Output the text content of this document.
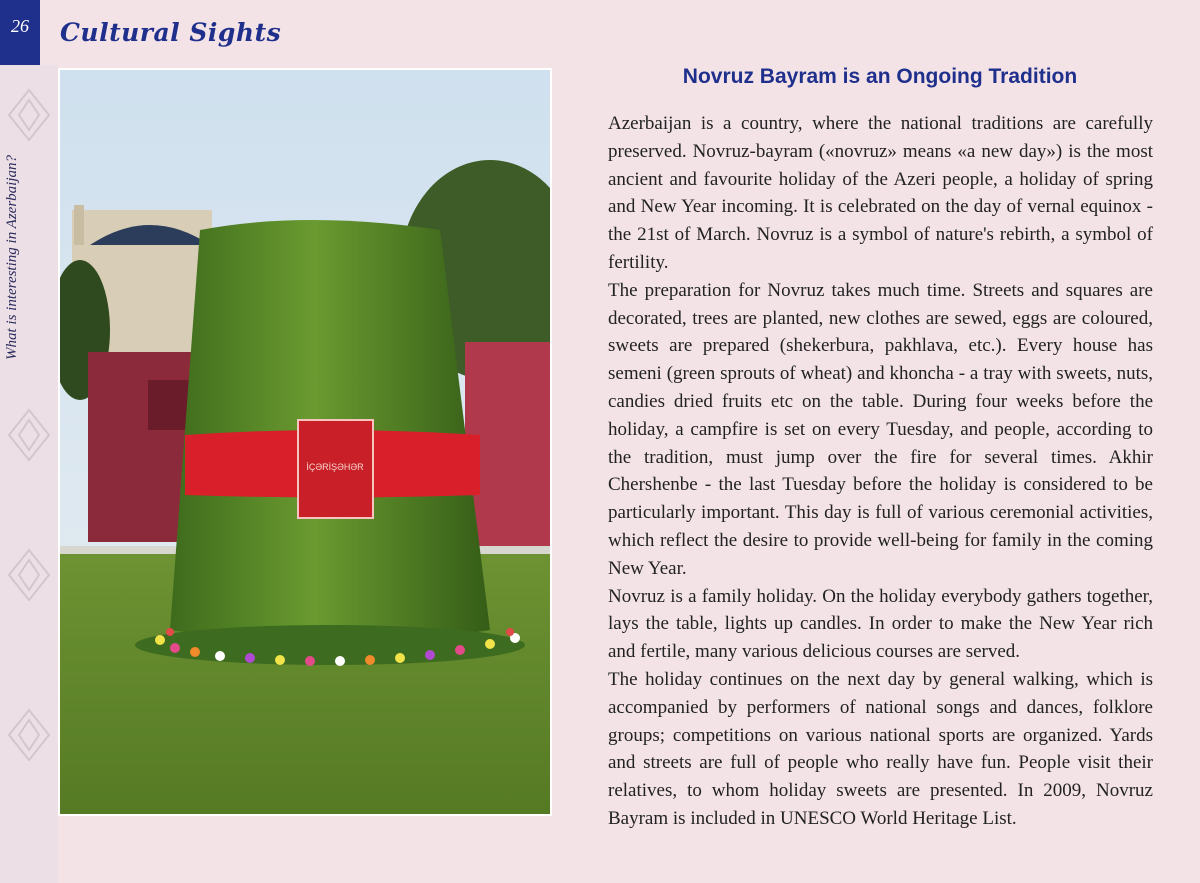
26
What is interesting in Azerbaijan?
Cultural Sights
İÇƏRİŞƏHƏR
Novruz Bayram is an Ongoing Tradition

Azerbaijan is a country, where the national traditions are carefully preserved. Novruz-bayram («novruz» means «a new day») is the most ancient and favourite holiday of the Azeri people, a holiday of spring and New Year incoming. It is celebrated on the day of vernal equinox - the 21st of March. Novruz is a symbol of nature's rebirth, a symbol of fertility.

The preparation for Novruz takes much time. Streets and squares are decorated, trees are planted, new clothes are sewed, eggs are coloured, sweets are prepared (shekerbura, pakhlava, etc.). Every house has semeni (green sprouts of wheat) and khoncha - a tray with sweets, nuts, candies dried fruits etc on the table. During four weeks before the holiday, a campfire is set on every Tuesday, and people, according to the tradition, must jump over the fire for several times. Akhir Chershenbe - the last Tuesday before the holiday is considered to be particularly important. This day is full of various ceremonial activities, which reflect the desire to provide well-being for family in the coming New Year.

Novruz is a family holiday. On the holiday everybody gathers together, lays the table, lights up candles. In order to make the New Year rich and fertile, many various delicious courses are served.

The holiday continues on the next day by general walking, which is accompanied by performers of national songs and dances, folklore groups; competitions on various national sports are organized. Yards and streets are full of people who really have fun. People visit their relatives, to whom holiday sweets are presented. In 2009, Novruz Bayram is included in UNESCO World Heritage List.
